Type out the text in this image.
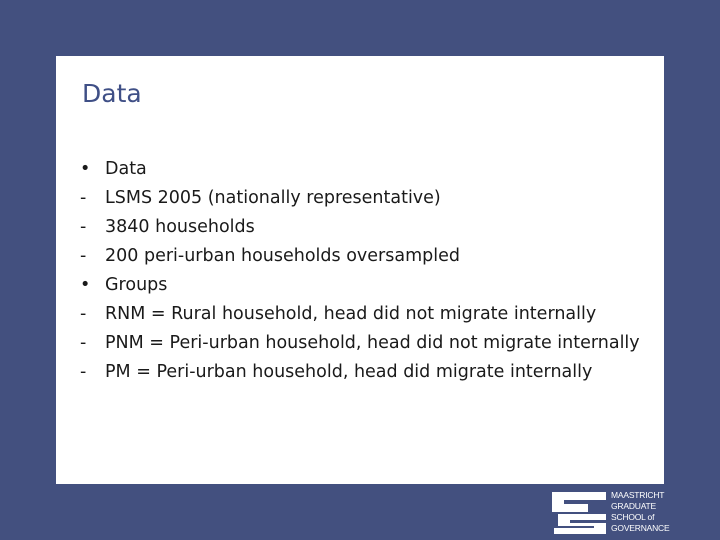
Data
• Data
-	LSMS 2005 (nationally representative)
-	3840 households
-	200 peri-urban households oversampled
• Groups
-	RNM = Rural household, head did not migrate internally
-	PNM = Peri-urban household, head did not migrate internally
-	PM = Peri-urban household, head did migrate internally
MAASTRICHT
GRADUATE
SCHOOL of
GOVERNANCE
